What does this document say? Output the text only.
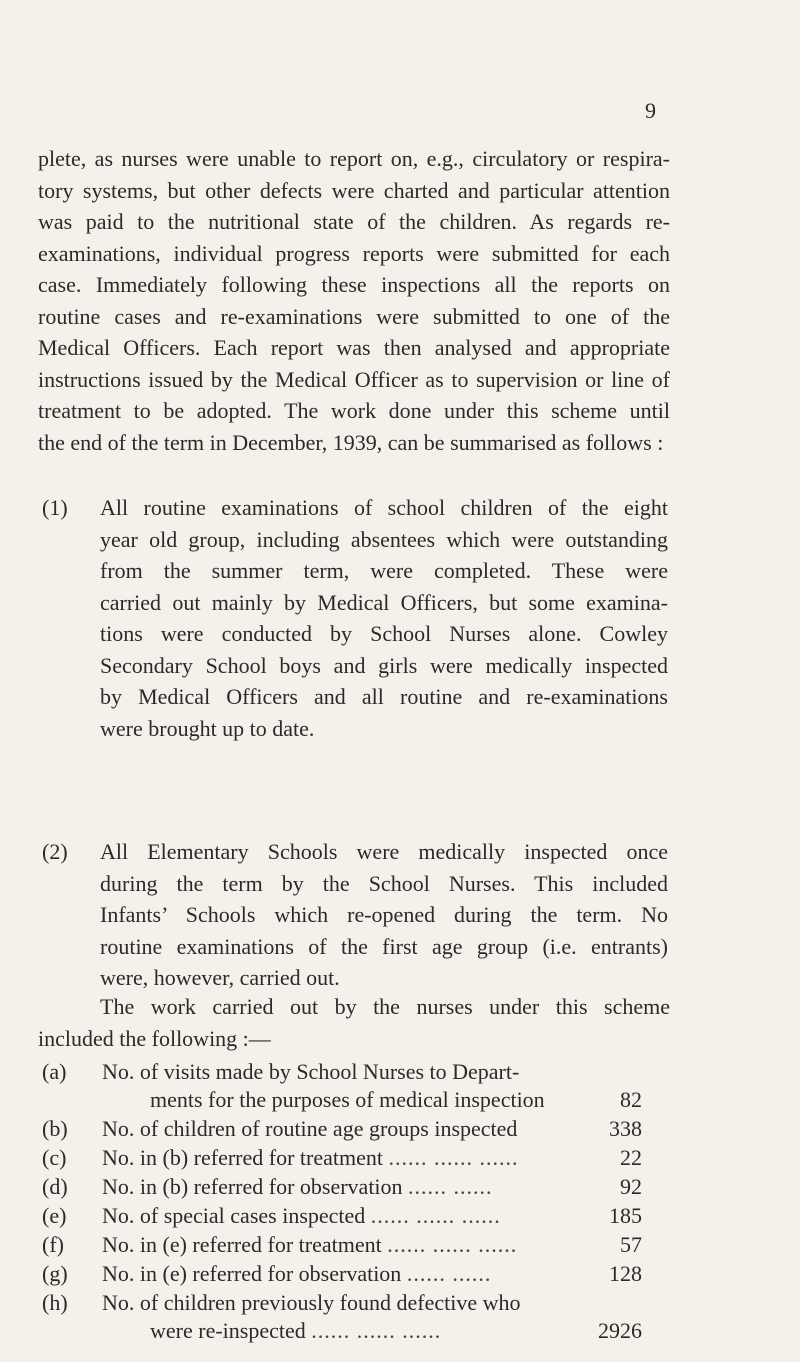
9
plete, as nurses were unable to report on, e.g., circulatory or respira-
tory systems, but other defects were charted and particular attention
was paid to the nutritional state of the children. As regards re-
examinations, individual progress reports were submitted for each
case. Immediately following these inspections all the reports on
routine cases and re-examinations were submitted to one of the
Medical Officers. Each report was then analysed and appropriate
instructions issued by the Medical Officer as to supervision or line of
treatment to be adopted. The work done under this scheme until
the end of the term in December, 1939, can be summarised as follows :
(1) All routine examinations of school children of the eight
year old group, including absentees which were outstanding
from the summer term, were completed. These were
carried out mainly by Medical Officers, but some examina-
tions were conducted by School Nurses alone. Cowley
Secondary School boys and girls were medically inspected
by Medical Officers and all routine and re-examinations
were brought up to date.
(2) All Elementary Schools were medically inspected once
during the term by the School Nurses. This included
Infants’ Schools which re-opened during the term. No
routine examinations of the first age group (i.e. entrants)
were, however, carried out.
The work carried out by the nurses under this scheme
included the following :—
(a)	No. of visits made by School Nurses to Depart-
ments for the purposes of medical inspection	82
(b)	No. of children of routine age groups inspected	338
(c)	No. in (b) referred for treatment ...... ...... ......	22
(d)	No. in (b) referred for observation ...... ......	92
(e)	No. of special cases inspected ...... ...... ......	185
(f)	No. in (e) referred for treatment ...... ...... ......	57
(g)	No. in (e) referred for observation ...... ......	128
(h)	No. of children previously found defective who
were re-inspected ...... ...... ......	2926
